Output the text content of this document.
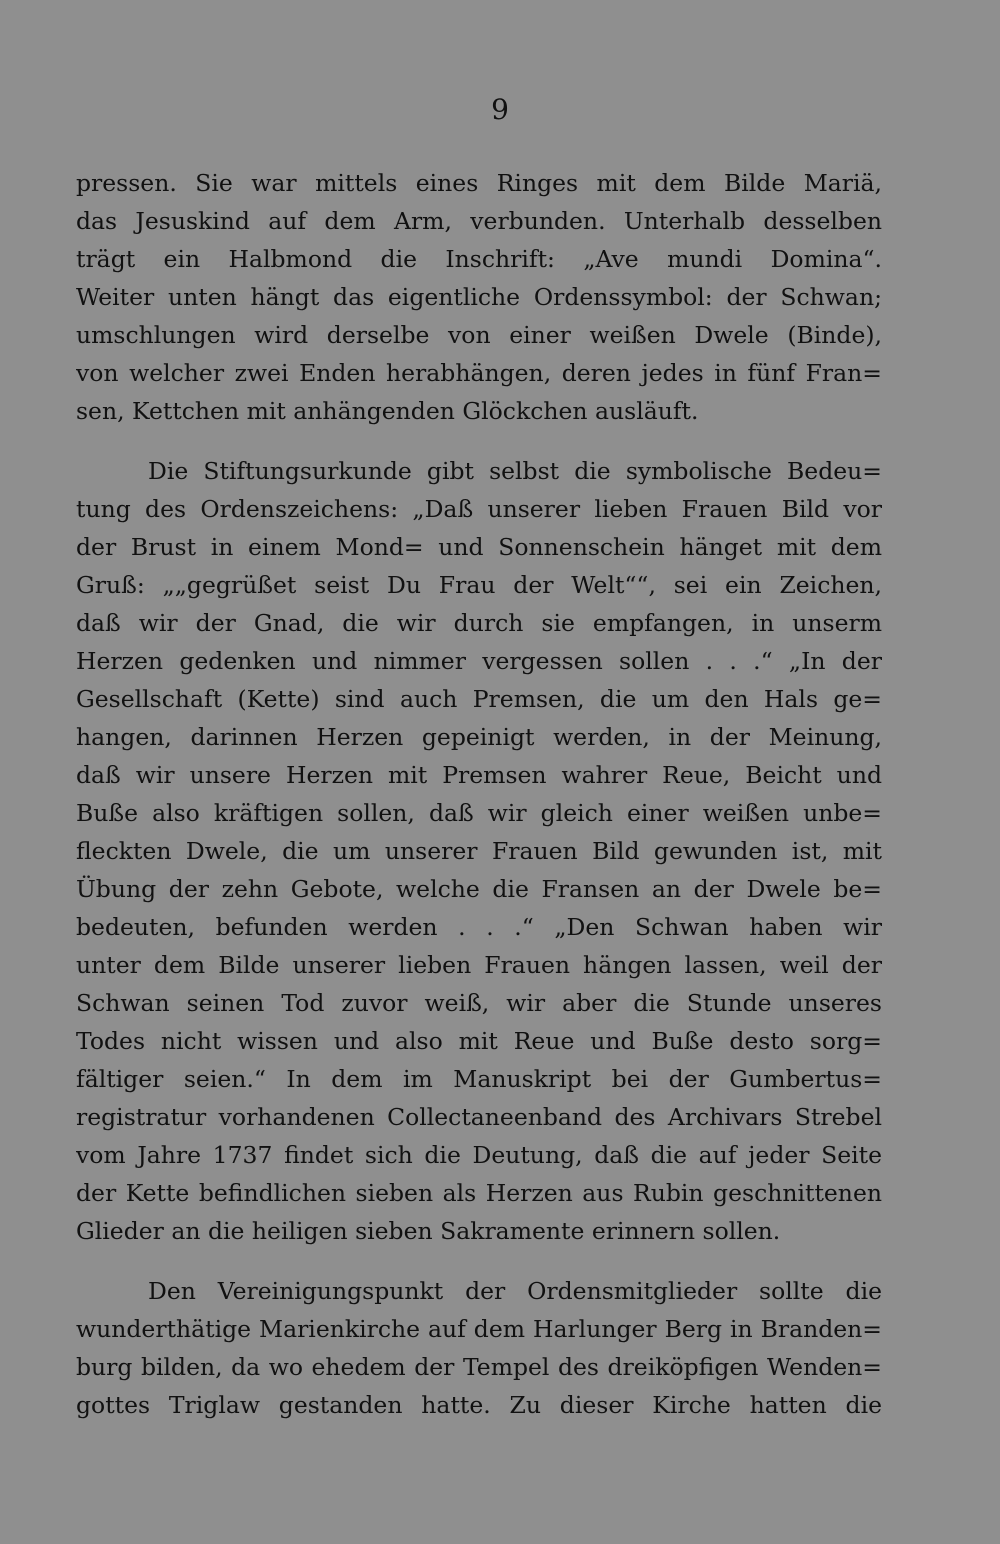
9
pressen. Sie war mittels eines Ringes mit dem Bilde Mariä,
das Jesuskind auf dem Arm, verbunden. Unterhalb desselben
trägt ein Halbmond die Inschrift: „Ave mundi Domina“.
Weiter unten hängt das eigentliche Ordenssymbol: der Schwan;
umschlungen wird derselbe von einer weißen Dwele (Binde),
von welcher zwei Enden herabhängen, deren jedes in fünf Fran=
sen, Kettchen mit anhängenden Glöckchen ausläuft.
Die Stiftungsurkunde gibt selbst die symbolische Bedeu=
tung des Ordenszeichens: „Daß unserer lieben Frauen Bild vor
der Brust in einem Mond= und Sonnenschein hänget mit dem
Gruß: „„gegrüßet seist Du Frau der Welt““, sei ein Zeichen,
daß wir der Gnad, die wir durch sie empfangen, in unserm
Herzen gedenken und nimmer vergessen sollen . . .“ „In der
Gesellschaft (Kette) sind auch Premsen, die um den Hals ge=
hangen, darinnen Herzen gepeinigt werden, in der Meinung,
daß wir unsere Herzen mit Premsen wahrer Reue, Beicht und
Buße also kräftigen sollen, daß wir gleich einer weißen unbe=
fleckten Dwele, die um unserer Frauen Bild gewunden ist, mit
Übung der zehn Gebote, welche die Fransen an der Dwele be=
bedeuten, befunden werden . . .“ „Den Schwan haben wir
unter dem Bilde unserer lieben Frauen hängen lassen, weil der
Schwan seinen Tod zuvor weiß, wir aber die Stunde unseres
Todes nicht wissen und also mit Reue und Buße desto sorg=
fältiger seien.“ In dem im Manuskript bei der Gumbertus=
registratur vorhandenen Collectaneenband des Archivars Strebel
vom Jahre 1737 findet sich die Deutung, daß die auf jeder Seite
der Kette befindlichen sieben als Herzen aus Rubin geschnittenen
Glieder an die heiligen sieben Sakramente erinnern sollen.
Den Vereinigungspunkt der Ordensmitglieder sollte die
wunderthätige Marienkirche auf dem Harlunger Berg in Branden=
burg bilden, da wo ehedem der Tempel des dreiköpfigen Wenden=
gottes Triglaw gestanden hatte. Zu dieser Kirche hatten die
